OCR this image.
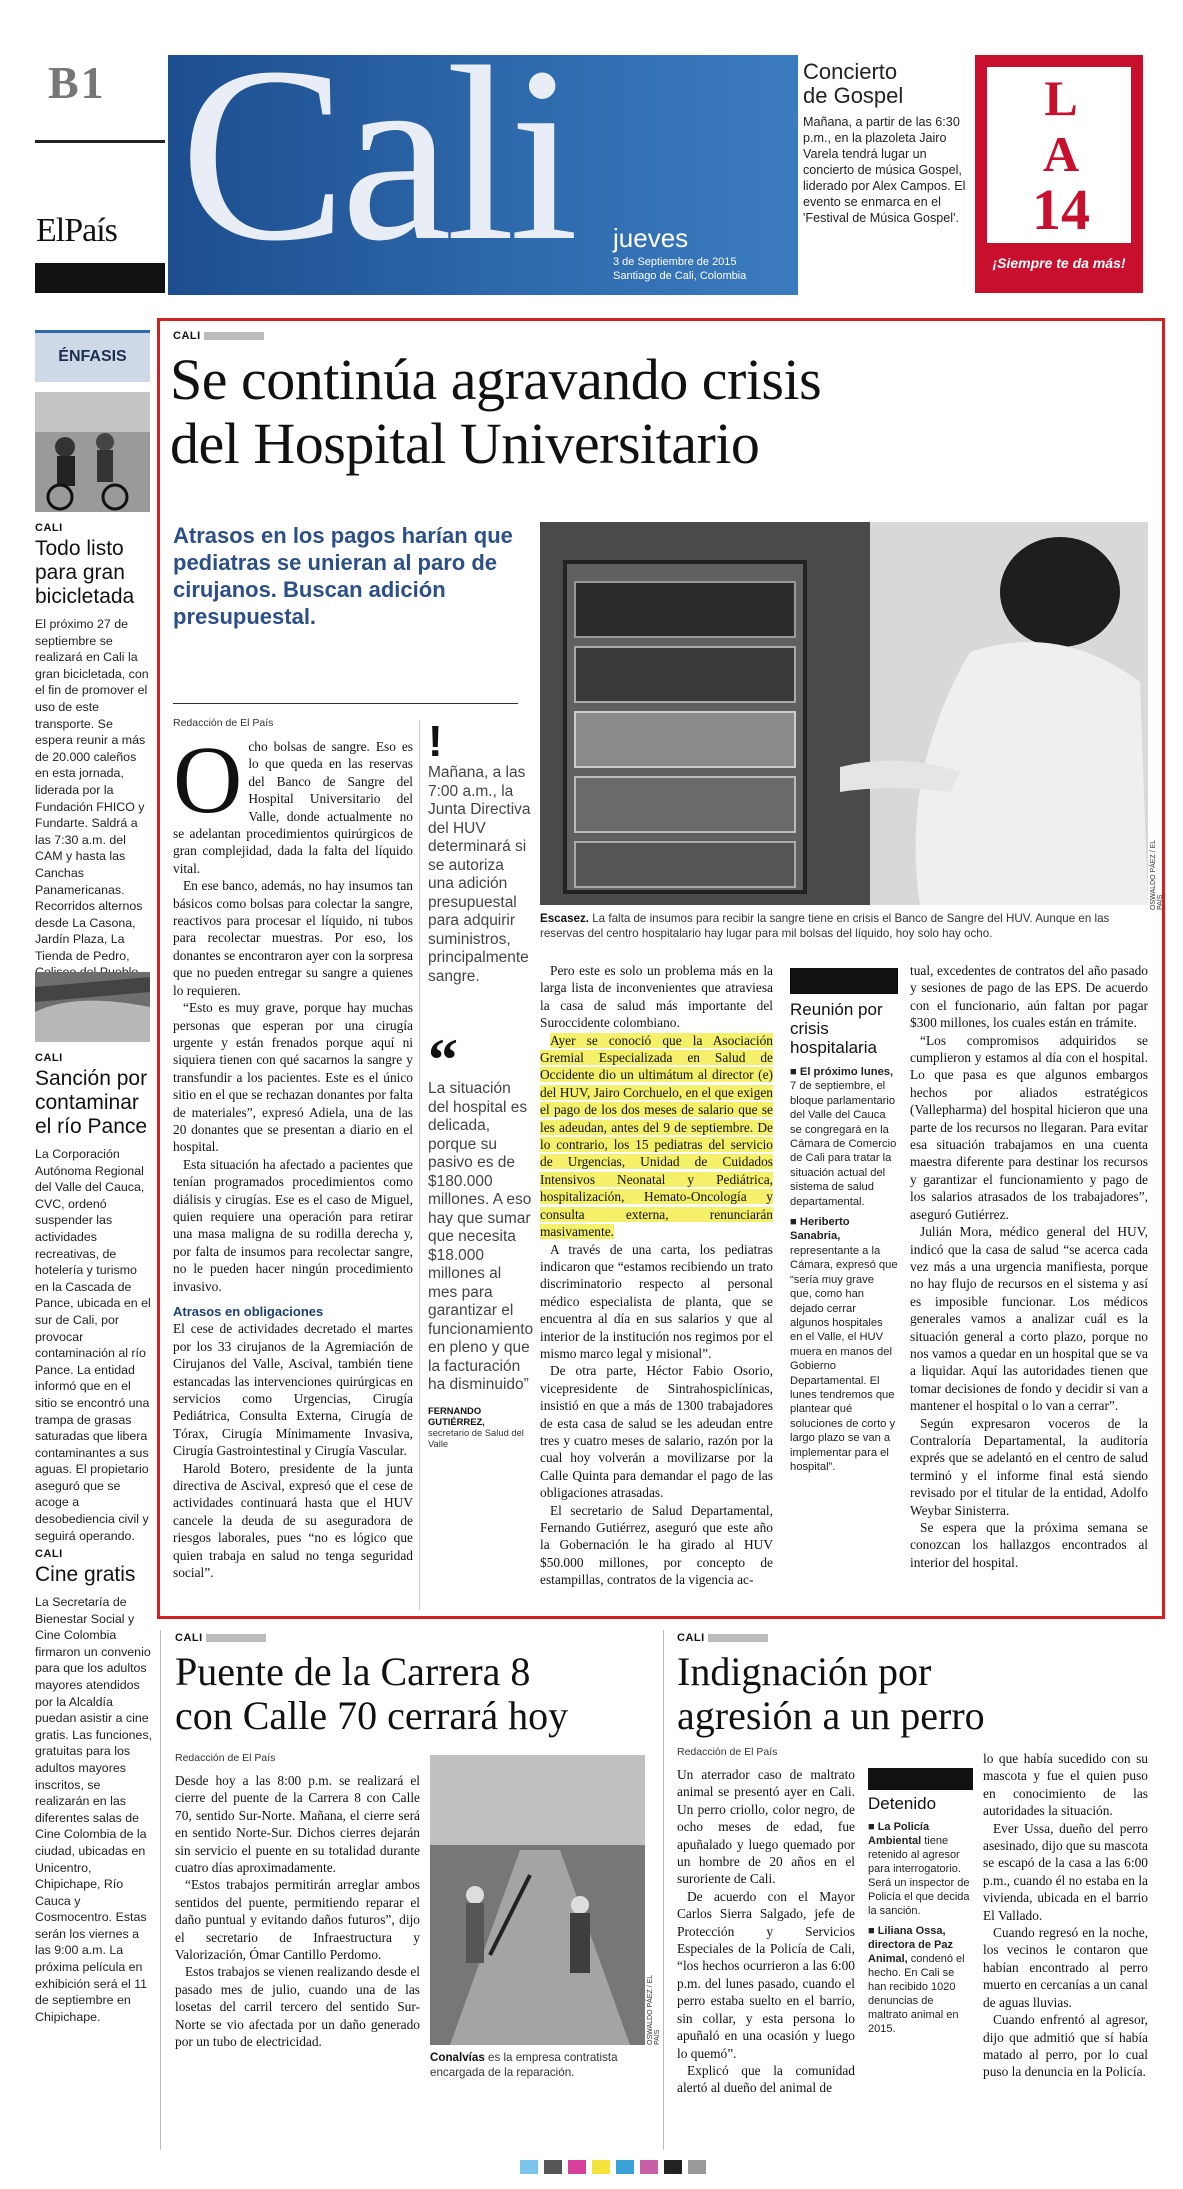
B1
ElPaís Cali jueves
3 de Septiembre de 2015
Santiago de Cali, Colombia
Concierto
de Gospel
Mañana, a partir de las 6:30 p.m., en la plazoleta Jairo Varela tendrá lugar un concierto de música Gospel, liderado por Alex Campos. El evento se enmarca en el 'Festival de Música Gospel'.
L
A
14
¡Siempre te da más!
ÉNFASIS
CALI
Todo listo para gran bicicletada
El próximo 27 de septiembre se realizará en Cali la gran bicicletada, con el fin de promover el uso de este transporte. Se espera reunir a más de 20.000 caleños en esta jornada, liderada por la Fundación FHICO y Fundarte. Saldrá a las 7:30 a.m. del CAM y hasta las Canchas Panamericanas. Recorridos alternos desde La Casona, Jardín Plaza, La Tienda de Pedro,
CALI
Sanción por contaminar el río Pance
La Corporación Autónoma Regional del Valle del Cauca, CVC, ordenó suspender las actividades recreativas, de hotelería y turismo en la Cascada de Pance, ubicada en el sur de Cali, por provocar contaminación al río Pance. La entidad informó que en el sitio se encontró una trampa de grasas saturadas que libera contaminantes a sus aguas. El propietario aseguró que se acoge a desobediencia civil y seguirá operando.
CALI
Cine gratis
La Secretaría de Bienestar Social y Cine Colombia firmaron un convenio para que los adultos mayores atendidos por la Alcaldía puedan asistir a cine gratis. Las funciones, gratuitas para los adultos mayores inscritos, se realizarán en las diferentes salas de Cine Colombia de la ciudad, ubicadas en Unicentro, Chipichape, Río Cauca y Cosmocentro. Estas serán los viernes a las 9:00 a.m. La próxima película en exhibición será el 11 de septiembre en Chipichape.
CALI
Se continúa agravando crisis
del Hospital Universitario
Atrasos en los pagos harían que pediatras se unieran al paro de cirujanos. Buscan adición presupuestal.
OSWALDO PÁEZ / EL PAÍS
Escasez. La falta de insumos para recibir la sangre tiene en crisis el Banco de Sangre del HUV. Aunque en las reservas del centro hospitalario hay lugar para mil bolsas del líquido, hoy solo hay ocho.
Redacción de El País
O cho bolsas de sangre. Eso es lo que queda en las reservas del Banco de Sangre del Hospital Universitario del Valle, donde actualmente no se adelantan procedimientos quirúrgicos de gran complejidad, dada la falta del líquido vital.

En ese banco, además, no hay insumos tan básicos como bolsas para colectar la sangre, reactivos para procesar el líquido, ni tubos para recolectar muestras. Por eso, los donantes se encontraron ayer con la sorpresa que no pueden entregar su sangre a quienes lo requieren.

“Esto es muy grave, porque hay muchas personas que esperan por una cirugía urgente y están frenados porque aquí ni siquiera tienen con qué sacarnos la sangre y transfundir a los pacientes. Este es el único sitio en el que se rechazan donantes por falta de materiales”, expresó Adiela, una de las 20 donantes que se presentan a diario en el hospital.

Esta situación ha afectado a pacientes que tenían programados procedimientos como diálisis y cirugías. Ese es el caso de Miguel, quien requiere una operación para retirar una masa maligna de su rodilla derecha y, por falta de insumos para recolectar sangre, no le pueden hacer ningún procedimiento invasivo.

Atrasos en obligaciones

El cese de actividades decretado el martes por los 33 cirujanos de la Agremiación de Cirujanos del Valle, Ascival, también tiene estancadas las intervenciones quirúrgicas en servicios como Urgencias, Cirugía Pediátrica, Consulta Externa, Cirugía de Tórax, Cirugía Mínimamente Invasiva, Cirugía Gastrointestinal y Cirugía Vascular.

Harold Botero, presidente de la junta directiva de Ascival, expresó que el cese de actividades continuará hasta que el HUV cancele la deuda de su aseguradora de riesgos laborales, pues “no es lógico que quien trabaja en salud no tenga seguridad social”.

!
Mañana, a las 7:00 a.m., la Junta Directiva del HUV determinará si se autoriza una adición presupuestal para adquirir suministros, principalmente sangre.
“
La situación del hospital es delicada, porque su pasivo es de $180.000 millones. A eso hay que sumar que necesita $18.000 millones al mes para garantizar el funcionamiento en pleno y que la facturación ha disminuido”
FERNANDO GUTIÉRREZ,
secretario de Salud del Valle

Pero este es solo un problema más en la larga lista de inconvenientes que atraviesa la casa de salud más importante del Suroccidente colombiano.

Ayer se conoció que la Asociación Gremial Especializada en Salud de Occidente dio un ultimátum al director (e) del HUV, Jairo Corchuelo, en el que exigen el pago de los dos meses de salario que se les adeudan, antes del 9 de septiembre. De lo contrario, los 15 pediatras del servicio de Urgencias, Unidad de Cuidados Intensivos Neonatal y Pediátrica, hospitalización, Hemato-Oncología y consulta externa, renunciarán masivamente.

A través de una carta, los pediatras indicaron que “estamos recibiendo un trato discriminatorio respecto al personal médico especialista de planta, que se encuentra al día en sus salarios y que al interior de la institución nos regimos por el mismo marco legal y misional”.

De otra parte, Héctor Fabio Osorio, vicepresidente de Sintrahospiclínicas, insistió en que a más de 1300 trabajadores de esta casa de salud se les adeudan entre tres y cuatro meses de salario, razón por la cual hoy volverán a movilizarse por la Calle Quinta para demandar el pago de las obligaciones atrasadas.

El secretario de Salud Departamental, Fernando Gutiérrez, aseguró que este año la Gobernación le ha girado al HUV $50.000 millones, por concepto de estampillas, contratos de la vigencia ac-

Reunión por crisis hospitalaria
■ El próximo lunes, 7 de septiembre, el bloque parlamentario del Valle del Cauca se congregará en la Cámara de Comercio de Cali para tratar la situación actual del sistema de salud departamental.
■ Heriberto Sanabria, representante a la Cámara, expresó que “sería muy grave que, como han dejado cerrar algunos hospitales en el Valle, el HUV muera en manos del Gobierno Departamental. El lunes tendremos que plantear qué soluciones de corto y largo plazo se van a implementar para el hospital”.

tual, excedentes de contratos del año pasado y sesiones de pago de las EPS. De acuerdo con el funcionario, aún faltan por pagar $300 millones, los cuales están en trámite.

“Los compromisos adquiridos se cumplieron y estamos al día con el hospital. Lo que pasa es que algunos embargos hechos por aliados estratégicos (Vallepharma) del hospital hicieron que una parte de los recursos no llegaran. Para evitar esa situación trabajamos en una cuenta maestra diferente para destinar los recursos y garantizar el funcionamiento y pago de los salarios atrasados de los trabajadores”, aseguró Gutiérrez.

Julián Mora, médico general del HUV, indicó que la casa de salud “se acerca cada vez más a una urgencia manifiesta, porque no hay flujo de recursos en el sistema y así es imposible funcionar. Los médicos generales vamos a analizar cuál es la situación general a corto plazo, porque no nos vamos a quedar en un hospital que se va a liquidar. Aquí las autoridades tienen que tomar decisiones de fondo y decidir si van a mantener el hospital o lo van a cerrar”.

Según expresaron voceros de la Contraloría Departamental, la auditoría exprés que se adelantó en el centro de salud terminó y el informe final está siendo revisado por el titular de la entidad, Adolfo Weybar Sinisterra.

Se espera que la próxima semana se conozcan los hallazgos encontrados al interior del hospital.

CALI
Puente de la Carrera 8
con Calle 70 cerrará hoy
Redacción de El País

Desde hoy a las 8:00 p.m. se realizará el cierre del puente de la Carrera 8 con Calle 70, sentido Sur-Norte. Mañana, el cierre será en sentido Norte-Sur. Dichos cierres dejarán sin servicio el puente en su totalidad durante cuatro días aproximadamente.

“Estos trabajos permitirán arreglar ambos sentidos del puente, permitiendo reparar el daño puntual y evitando daños futuros”, dijo el secretario de Infraestructura y Valorización, Ómar Cantillo Perdomo.

Estos trabajos se vienen realizando desde el pasado mes de julio, cuando una de las losetas del carril tercero del sentido Sur-Norte se vio afectada por un daño generado por un tubo de electricidad.	OSWALDO PÁEZ / EL PAÍS
Conalvías es la empresa contratista encargada de la reparación.
CALI
Indignación por
agresión a un perro
Redacción de El País

Un aterrador caso de maltrato animal se presentó ayer en Cali. Un perro criollo, color negro, de ocho meses de edad, fue apuñalado y luego quemado por un hombre de 20 años en el suroriente de Cali.

De acuerdo con el Mayor Carlos Sierra Salgado, jefe de Protección y Servicios Especiales de la Policía de Cali, “los hechos ocurrieron a las 6:00 p.m. del lunes pasado, cuando el perro estaba suelto en el barrio, sin collar, y esta persona lo apuñaló en una ocasión y luego lo quemó”.

Explicó que la comunidad alertó al dueño del animal de

Detenido
■ La Policía Ambiental tiene retenido al agresor para interrogatorio. Será un inspector de Policía el que decida la sanción.
■ Liliana Ossa, directora de Paz Animal, condenó el hecho. En Cali se han recibido 1020 denuncias de maltrato animal en 2015.

lo que había sucedido con su mascota y fue el quien puso en conocimiento de las autoridades la situación.

Ever Ussa, dueño del perro asesinado, dijo que su mascota se escapó de la casa a las 6:00 p.m., cuando él no estaba en la vivienda, ubicada en el barrio El Vallado.

Cuando regresó en la noche, los vecinos le contaron que habían encontrado al perro muerto en cercanías a un canal de aguas lluvias.

Cuando enfrentó al agresor, dijo que admitió que sí había matado al perro, por lo cual puso la denuncia en la Policía.
